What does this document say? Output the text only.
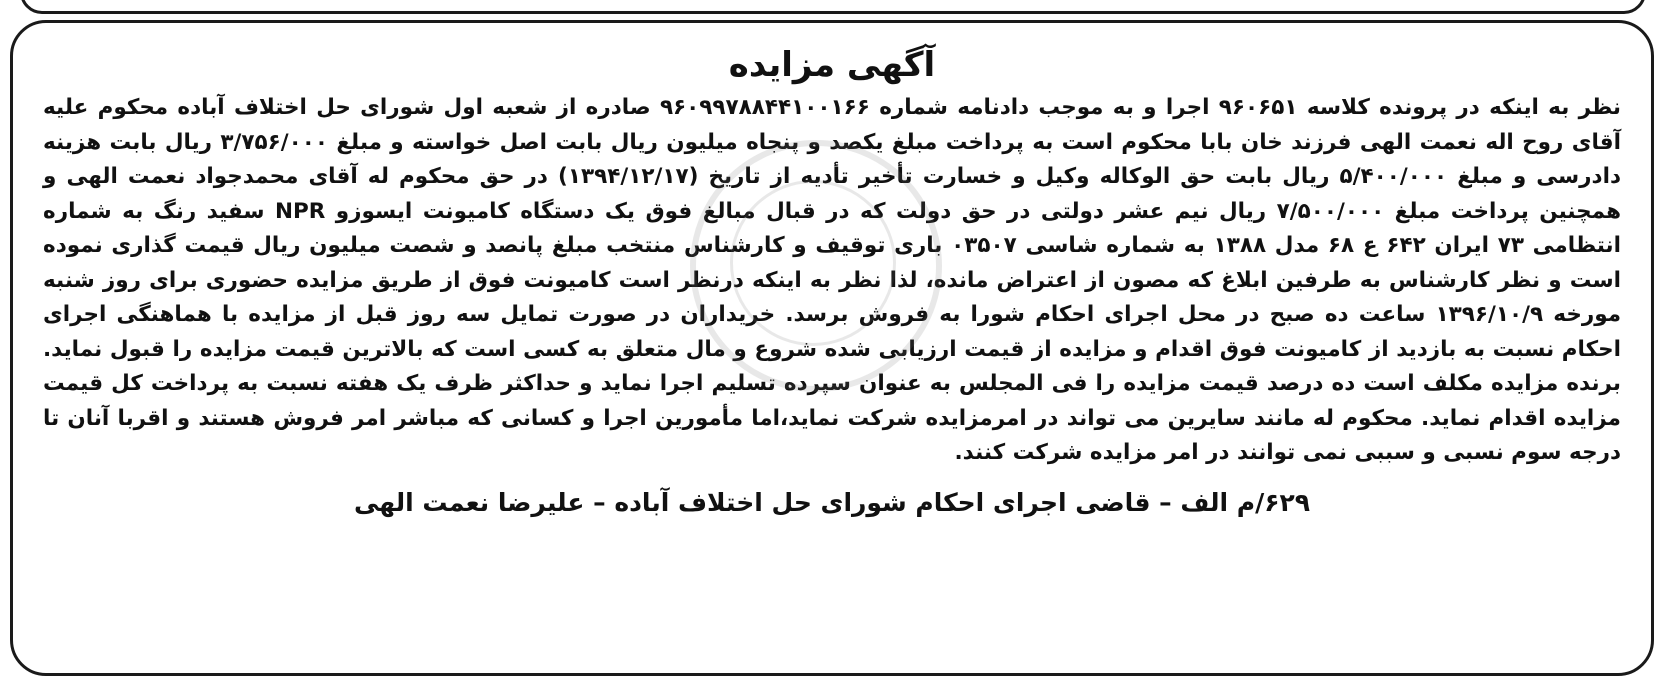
آگهی مزایده

نظر به اینکه در پرونده کلاسه ۹۶۰۶۵۱ اجرا و به موجب دادنامه شماره ۹۶۰۹۹۷۸۸۴۴۱۰۰۱۶۶ صادره از شعبه اول شورای حل اختلاف آباده محکوم علیه آقای روح اله نعمت الهی فرزند خان بابا محکوم است به پرداخت مبلغ یکصد و پنجاه میلیون ریال بابت اصل خواسته و مبلغ ۳/۷۵۶/۰۰۰ ریال بابت هزینه دادرسی و مبلغ ۵/۴۰۰/۰۰۰ ریال بابت حق الوکاله وکیل و خسارت تأخیر تأدیه از تاریخ (۱۳۹۴/۱۲/۱۷) در حق محکوم له آقای محمدجواد نعمت الهی و همچنین پرداخت مبلغ ۷/۵۰۰/۰۰۰ ریال نیم عشر دولتی در حق دولت که در قبال مبالغ فوق یک دستگاه کامیونت ایسوزو NPR سفید رنگ به شماره انتظامی ۷۳ ایران ۶۴۲ ع ۶۸ مدل ۱۳۸۸ به شماره شاسی ۰۳۵۰۷ باری توقیف و کارشناس منتخب مبلغ پانصد و شصت میلیون ریال قیمت گذاری نموده است و نظر کارشناس به طرفین ابلاغ که مصون از اعتراض مانده، لذا نظر به اینکه درنظر است کامیونت فوق از طریق مزایده حضوری برای روز شنبه مورخه ۱۳۹۶/۱۰/۹ ساعت ده صبح در محل اجرای احکام شورا به فروش برسد. خریداران در صورت تمایل سه روز قبل از مزایده با هماهنگی اجرای احکام نسبت به بازدید از کامیونت فوق اقدام و مزایده از قیمت ارزیابی شده شروع و مال متعلق به کسی است که بالاترین قیمت مزایده را قبول نماید. برنده مزایده مکلف است ده درصد قیمت مزایده را فی المجلس به عنوان سپرده تسلیم اجرا نماید و حداکثر ظرف یک هفته نسبت به پرداخت کل قیمت مزایده اقدام نماید. محکوم له مانند سایرین می تواند در امرمزایده شرکت نماید،اما مأمورین اجرا و کسانی که مباشر امر فروش هستند و اقربا آنان تا درجه سوم نسبی و سببی نمی توانند در امر مزایده شرکت کنند.

۶۲۹/م الف – قاضی اجرای احکام شورای حل اختلاف آباده – علیرضا نعمت الهی
